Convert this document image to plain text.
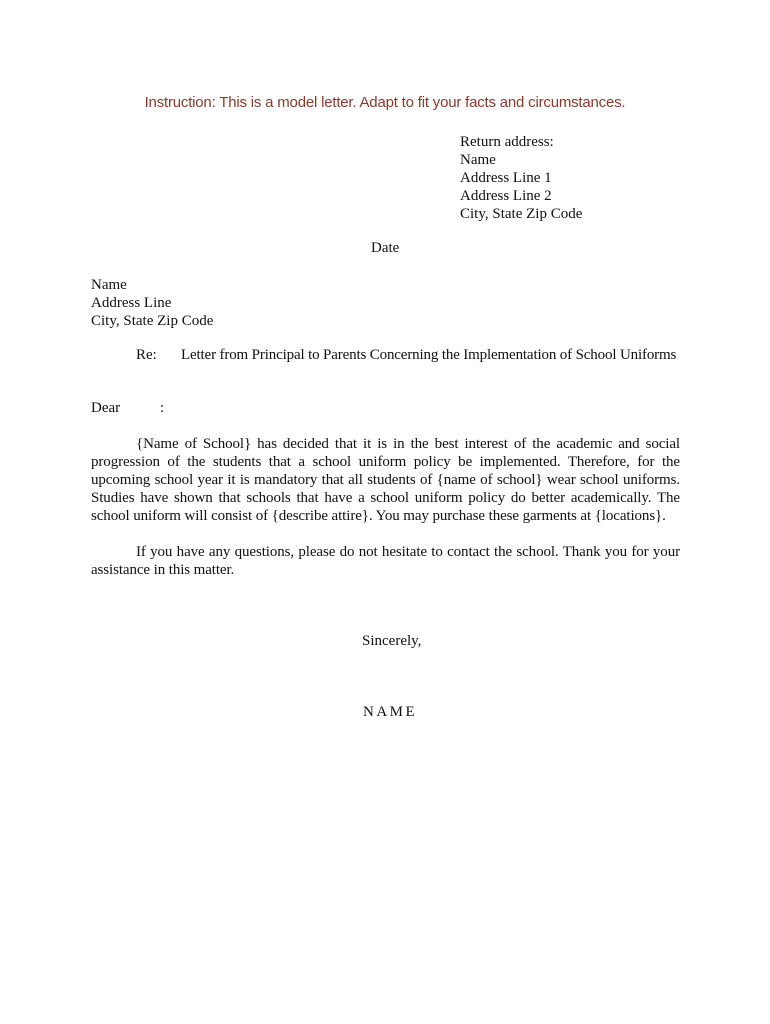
Instruction: This is a model letter. Adapt to fit your facts and circumstances.

Return address:
Name
Address Line 1
Address Line 2
City, State Zip Code

Date

Name
Address Line
City, State Zip Code

Re: Letter from Principal to Parents Concerning the Implementation of School Uniforms

Dear	:

{Name of School} has decided that it is in the best interest of the academic and social progression of the students that a school uniform policy be implemented. Therefore, for the upcoming school year it is mandatory that all students of {name of school} wear school uniforms. Studies have shown that schools that have a school uniform policy do better academically. The school uniform will consist of {describe attire}. You may purchase these garments at {locations}.

If you have any questions, please do not hesitate to contact the school. Thank you for your assistance in this matter.

Sincerely,

NAME
